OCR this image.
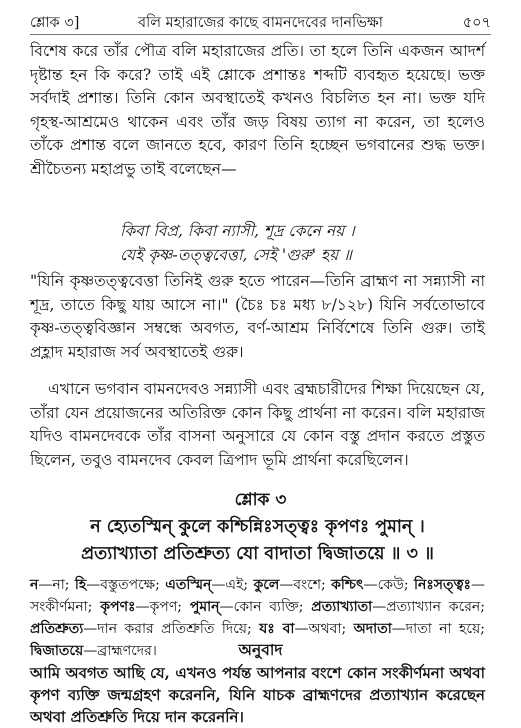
শ্লোক ৩]	বলি মহারাজের কাছে বামনদেবের দানভিক্ষা	৫০৭
বিশেষ করে তাঁর পৌত্র বলি মহারাজের প্রতি। তা হলে তিনি একজন আদর্শ দৃষ্টান্ত হন কি করে? তাই এই শ্লোকে প্রশান্তঃ শব্দটি ব্যবহৃত হয়েছে। ভক্ত সর্বদাই প্রশান্ত। তিনি কোন অবস্থাতেই কখনও বিচলিত হন না। ভক্ত যদি গৃহস্থ-আশ্রমেও থাকেন এবং তাঁর জড় বিষয় ত্যাগ না করেন, তা হলেও তাঁকে প্রশান্ত বলে জানতে হবে, কারণ তিনি হচ্ছেন ভগবানের শুদ্ধ ভক্ত। শ্রীচৈতন্য মহাপ্রভু তাই বলেছেন—
কিবা বিপ্র, কিবা ন্যাসী, শূদ্র কেনে নয় ।
যেই কৃষ্ণ-তত্ত্ববেত্তা, সেই 'গুরু' হয় ॥
"যিনি কৃষ্ণতত্ত্ববেত্তা তিনিই গুরু হতে পারেন—তিনি ব্রাহ্মণ না সন্ন্যাসী না শূদ্র, তাতে কিছু যায় আসে না।" (চৈঃ চঃ মধ্য ৮/১২৮) যিনি সর্বতোভাবে কৃষ্ণ-তত্ত্ববিজ্ঞান সম্বন্ধে অবগত, বর্ণ-আশ্রম নির্বিশেষে তিনি গুরু। তাই প্রহ্লাদ মহারাজ সর্ব অবস্থাতেই গুরু।
এখানে ভগবান বামনদেবও সন্ন্যাসী এবং ব্রহ্মচারীদের শিক্ষা দিয়েছেন যে, তাঁরা যেন প্রয়োজনের অতিরিক্ত কোন কিছু প্রার্থনা না করেন। বলি মহারাজ যদিও বামনদেবকে তাঁর বাসনা অনুসারে যে কোন বস্তু প্রদান করতে প্রস্তুত ছিলেন, তবুও বামনদেব কেবল ত্রিপাদ ভূমি প্রার্থনা করেছিলেন।
শ্লোক ৩
ন হ্যেতস্মিন্ কুলে কশ্চিন্নিঃসত্ত্বঃ কৃপণঃ পুমান্ ।
প্রত্যাখ্যাতা প্রতিশ্রুত্য যো বাদাতা দ্বিজাতয়ে ॥ ৩ ॥
ন—না; হি—বস্তুতপক্ষে; এতস্মিন্—এই; কুলে—বংশে; কশ্চিৎ—কেউ; নিঃসত্ত্বঃ—সংকীর্ণমনা; কৃপণঃ—কৃপণ; পুমান্—কোন ব্যক্তি; প্রত্যাখ্যাতা—প্রত্যাখ্যান করেন; প্রতিশ্রুত্য—দান করার প্রতিশ্রুতি দিয়ে; যঃ বা—অথবা; অদাতা—দাতা না হয়ে; দ্বিজাতয়ে—ব্রাহ্মণদের।	অনুবাদ
আমি অবগত আছি যে, এখনও পর্যন্ত আপনার বংশে কোন সংকীর্ণমনা অথবা কৃপণ ব্যক্তি জন্মগ্রহণ করেননি, যিনি যাচক ব্রাহ্মণদের প্রত্যাখ্যান করেছেন অথবা প্রতিশ্রুতি দিয়ে দান করেননি।
